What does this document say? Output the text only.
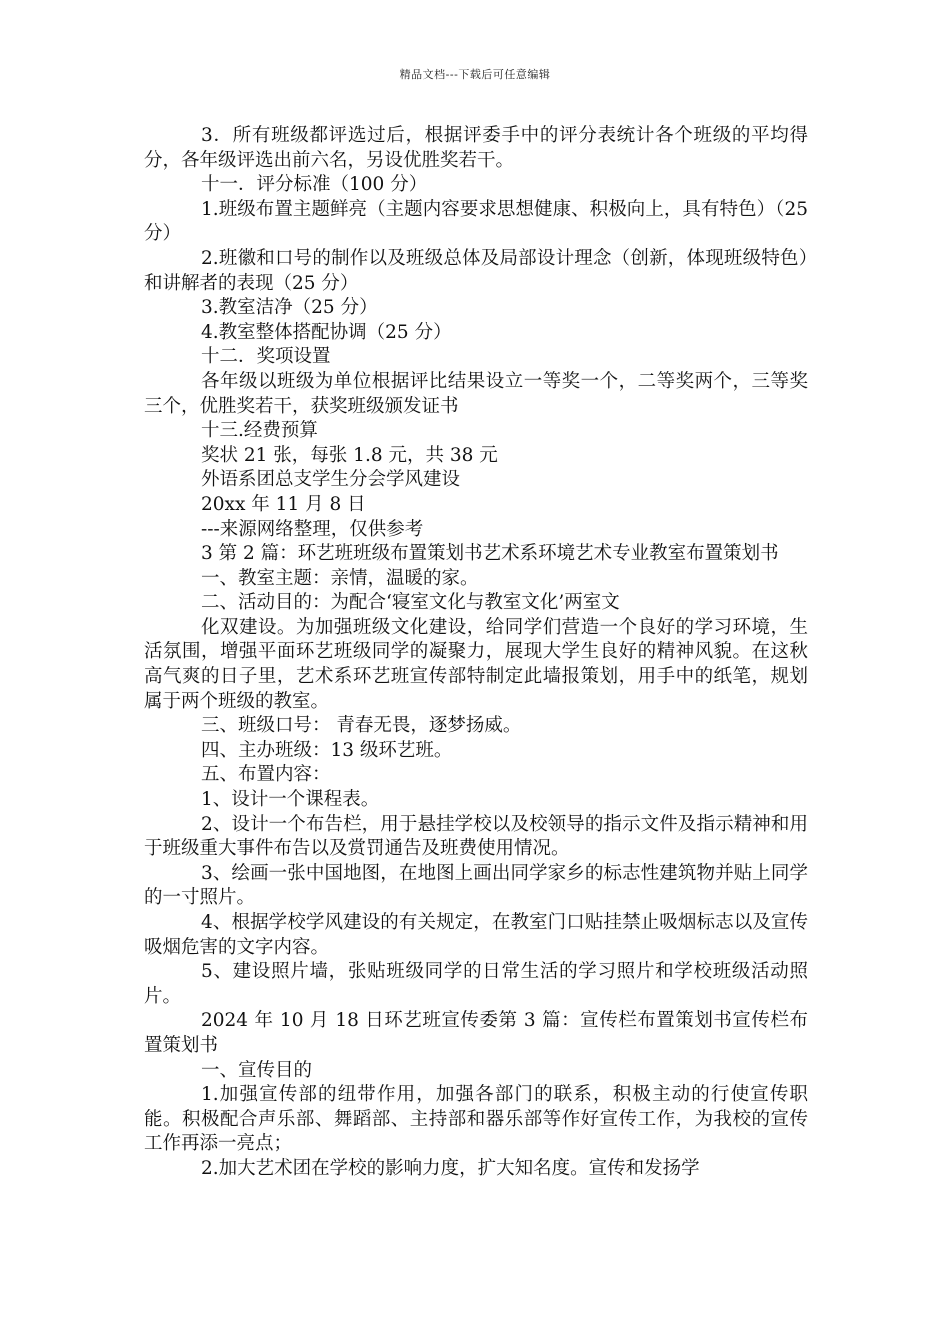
精品文档---下载后可任意编辑

3．所有班级都评选过后，根据评委手中的评分表统计各个班级的平均得分，各年级评选出前六名，另设优胜奖若干。

十一．评分标准（100 分）

1.班级布置主题鲜亮（主题内容要求思想健康、积极向上，具有特色）（25 分）

2.班徽和口号的制作以及班级总体及局部设计理念（创新，体现班级特色）和讲解者的表现（25 分）

3.教室洁净（25 分）

4.教室整体搭配协调（25 分）

十二．奖项设置

各年级以班级为单位根据评比结果设立一等奖一个，二等奖两个，三等奖三个，优胜奖若干，获奖班级颁发证书

十三.经费预算

奖状 21 张，每张 1.8 元，共 38 元

外语系团总支学生分会学风建设

20xx 年 11 月 8 日

---来源网络整理，仅供参考

3 第 2 篇：环艺班班级布置策划书艺术系环境艺术专业教室布置策划书

一、教室主题：亲情，温暖的家。

二、活动目的：为配合‘寝室文化与教室文化’两室文

化双建设。为加强班级文化建设，给同学们营造一个良好的学习环境，生活氛围，增强平面环艺班级同学的凝聚力，展现大学生良好的精神风貌。在这秋高气爽的日子里，艺术系环艺班宣传部特制定此墙报策划，用手中的纸笔，规划属于两个班级的教室。

三、班级口号： 青春无畏，逐梦扬威。

四、主办班级：13 级环艺班。

五、布置内容：

1、设计一个课程表。

2、设计一个布告栏，用于悬挂学校以及校领导的指示文件及指示精神和用于班级重大事件布告以及赏罚通告及班费使用情况。

3、绘画一张中国地图，在地图上画出同学家乡的标志性建筑物并贴上同学的一寸照片。

4、根据学校学风建设的有关规定，在教室门口贴挂禁止吸烟标志以及宣传吸烟危害的文字内容。

5、建设照片墙，张贴班级同学的日常生活的学习照片和学校班级活动照片。

2024 年 10 月 18 日环艺班宣传委第 3 篇：宣传栏布置策划书宣传栏布置策划书

一、宣传目的

1.加强宣传部的纽带作用，加强各部门的联系，积极主动的行使宣传职能。积极配合声乐部、舞蹈部、主持部和器乐部等作好宣传工作，为我校的宣传工作再添一亮点；

2.加大艺术团在学校的影响力度，扩大知名度。宣传和发扬学
